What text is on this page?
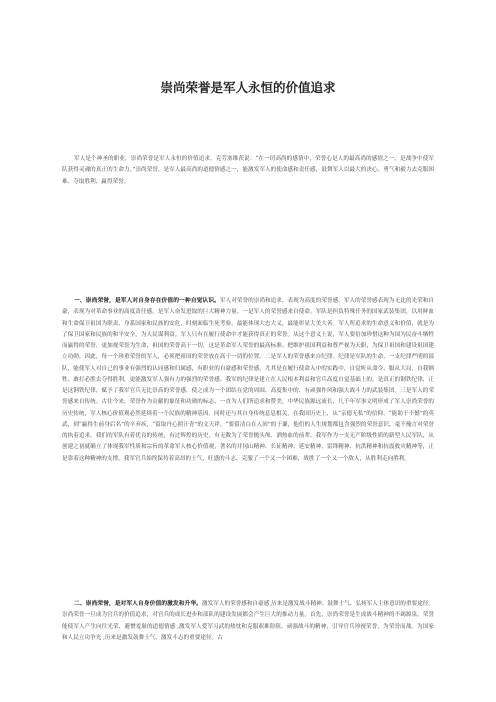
崇尚荣誉是军人永恒的价值追求

军人是个神圣的职业，崇尚荣誉是军人永恒的价值追求。克劳塞维茨说：“在一切高尚的感情中，荣誉心是人的最高尚的感情之一，是战争中使军队获得灵魂的真正的生命力。”崇尚荣誉，是军人最高尚的道德情感之一，能激发军人的使命感和责任感，鼓舞军人以最大的决心、勇气和毅力去克服困难、夺取胜利、赢得荣誉。

一、崇尚荣誉，是军人对自身存在价值的一种自觉认识。军人对荣誉的崇尚和追求，表现为高度的荣誉感。军人的荣誉感表现为无比的光荣和自豪，表现为对革命事业的高度责任感，是军人奋发进取的巨大精神力量。一是军人的荣誉感来自使命。军队是担负特殊任务的国家武装集团，以用鲜血和生命保卫祖国为职责，身系国家和民族的安危，时刻面临生死考验，最能体现大忠大义，最能彰显大美大善。军人所追求的生命意义和价值，就是为了保卫国家和民族的和平安全，为人民谋利益。军人只有在履行使命中才能获得真正的荣誉。从这个意义上说，军人要倍加珍惜这种为国为民奋斗牺牲而赢得的荣誉，更加视荣誉为生命，祖国的荣誉高于一切，这是革命军人荣誉的最高标准。把维护祖国利益和尊严视为天职，为保卫祖国和建设祖国建立功勋。因此，每一个珍重荣誉的军人，必须把祖国的荣誉放在高于一切的位置。二是军人的荣誉感来自纪律。纪律是军队的生命，一支纪律严明的部队，能使军人对自己的事业有强烈的认同感和归属感，有职业的自豪感和荣誉感。尤其是在履行使命入中的实践中，自觉听从命令、服从大局，自我牺牲、敢打必胜去夺得胜利，更能激发军人强有力的强烈的荣誉感。我军的纪律是建立在人民根本利益和官兵高度自觉基础上的，是真正的钢铁纪律，正是这钢铁纪律，赋予了我军官兵无比崇高的荣誉感，使之成为一个团结在党的周围、高度集中的、有顽强作风和强大战斗力的武装集团。三是军人的荣誉感来自传统。古往今来，荣誉作为贡献的象征和功勋的标志，一直为人们所追求和赞美，中华民族源远流长，几千年军事文明形成了军人崇尚荣誉的历史传统，军人核心价值观必然延续着一个民族的精神基因。同时还与其自身传统息息相关，在我国历史上，从“亲德无私”的信仰，“能助于不憾”的英武，到“赢得生前身后名”的辛弃疾，“留取丹心照汗青”的文天祥，“要留清白在人间”的于谦，他们的人生规划都包含强烈的荣誉意识，毫不掩言对荣誉的执着追求。我们的军队有着优良的传统，有过辉煌的历史，有无数为了荣誉抛头颅、洒热血的前辈。我军作为一支无产阶级性质的新型人民军队，从创建之初就确立了体现我军性质和宗旨的革命军人核心价值观，著名的井冈山精神、长征精神、延安精神、雷锋精神、抗洪精神和抗震救灾精神等，正是靠着这种精神的支撑，我军官兵始终保持着高昂的士气、旺盛的斗志，克服了一个又一个困难，战胜了一个又一个敌人，从胜利走向胜利。

二、崇尚荣誉，是对军人自身价值的激发和升华。激发军人的荣誉感和自豪感,历来是激发战斗精神、鼓舞士气、弘扬军人主体意识的重要途径。崇尚荣誉一旦成为官兵的价值追求，对官兵的成长进步和部队的建设发展都会产生巨大的推动力量。首先，崇尚荣誉是生成战斗精神的不竭源泉。荣誉能使军人产生向往光荣、避憎羞耻的道德情感 ,激发军人爱军习武的热忱和克服艰难险阻、顽强战斗的精神，引导官兵珍视荣誉、为荣誉而战。为国家和人民立功争光 ,历来是激发鼓舞士气、激发斗志的重要途径。古
